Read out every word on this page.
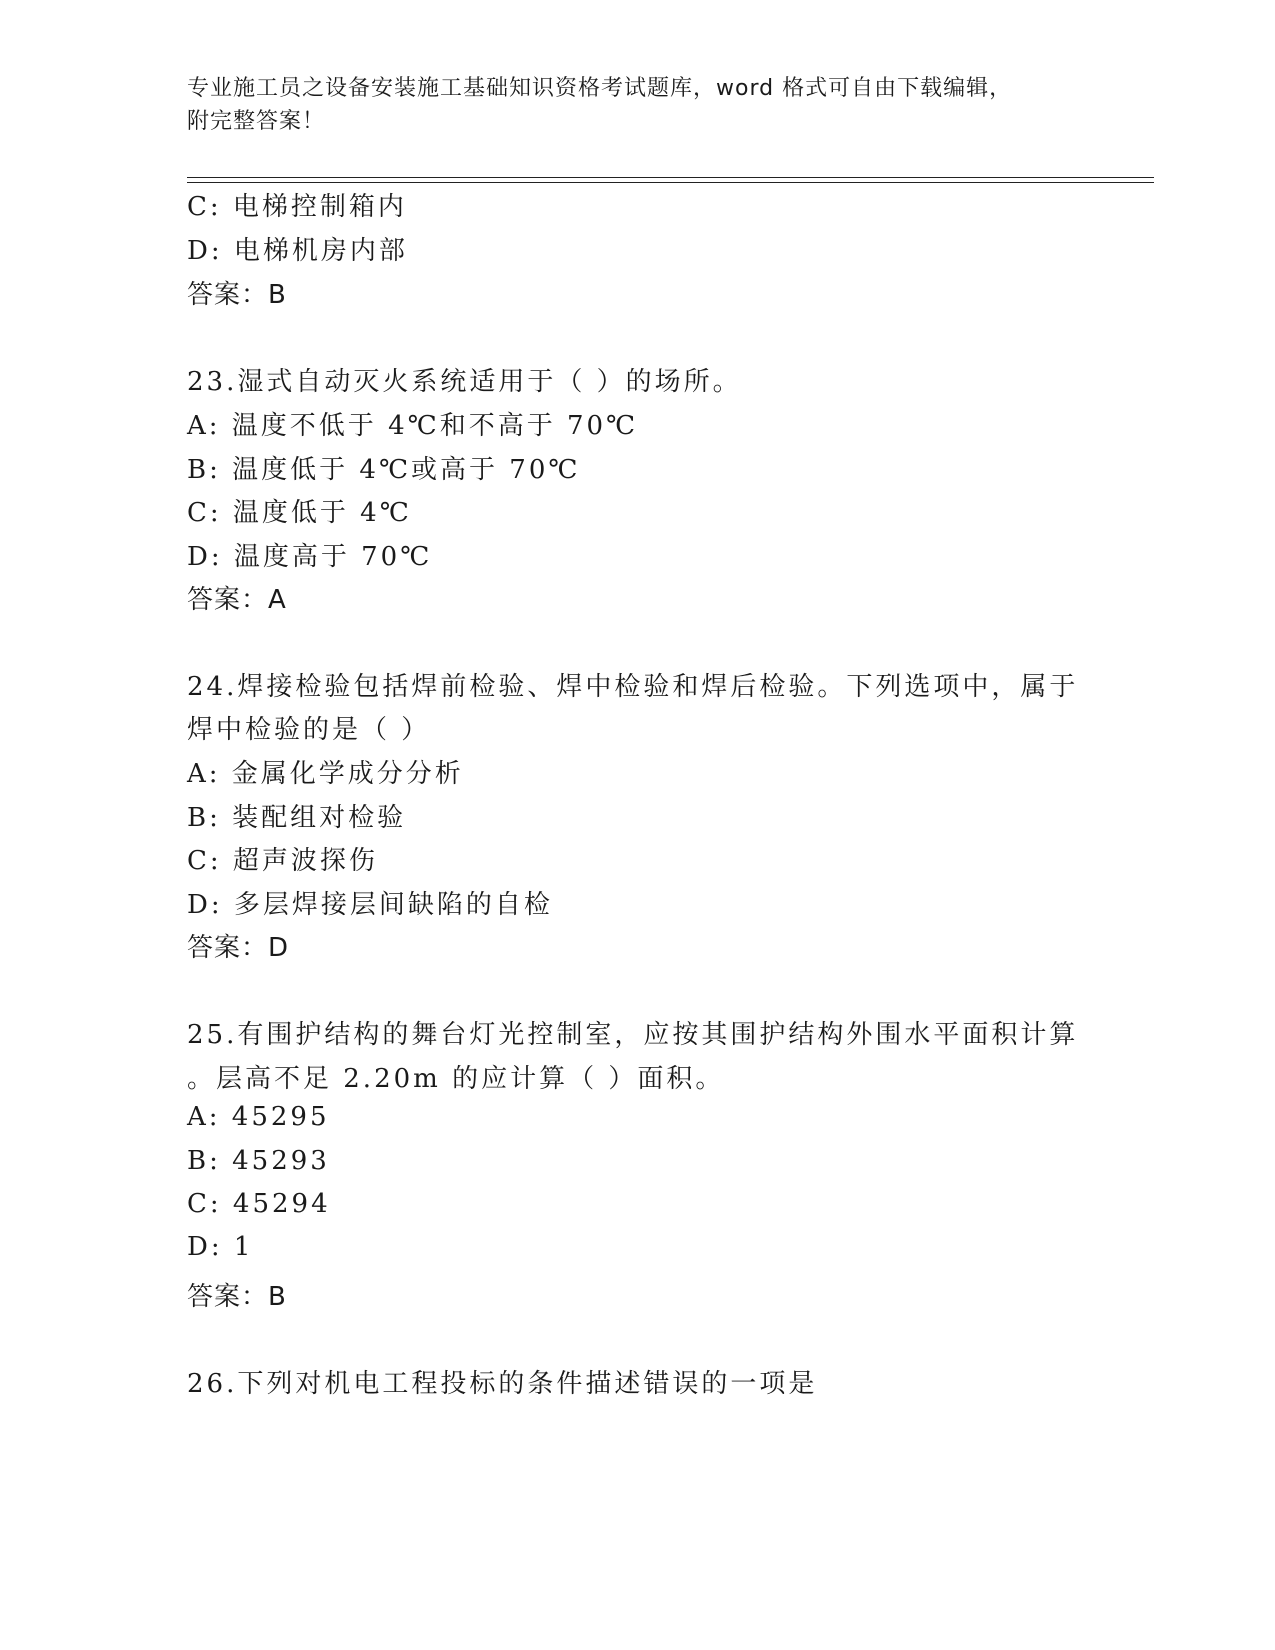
专业施工员之设备安装施工基础知识资格考试题库，word 格式可自由下载编辑，
附完整答案！
C: 电梯控制箱内
D: 电梯机房内部
答案：B
23.湿式自动灭火系统适用于（ ）的场所。
A: 温度不低于 4℃和不高于 70℃
B: 温度低于 4℃或高于 70℃
C: 温度低于 4℃
D: 温度高于 70℃
答案：A
24.焊接检验包括焊前检验、焊中检验和焊后检验。下列选项中，属于
焊中检验的是（ ）
A: 金属化学成分分析
B: 装配组对检验
C: 超声波探伤
D: 多层焊接层间缺陷的自检
答案：D
25.有围护结构的舞台灯光控制室，应按其围护结构外围水平面积计算
。层高不足 2.20m 的应计算（ ）面积。
A: 45295
B: 45293
C: 45294
D: 1
答案：B
26.下列对机电工程投标的条件描述错误的一项是
